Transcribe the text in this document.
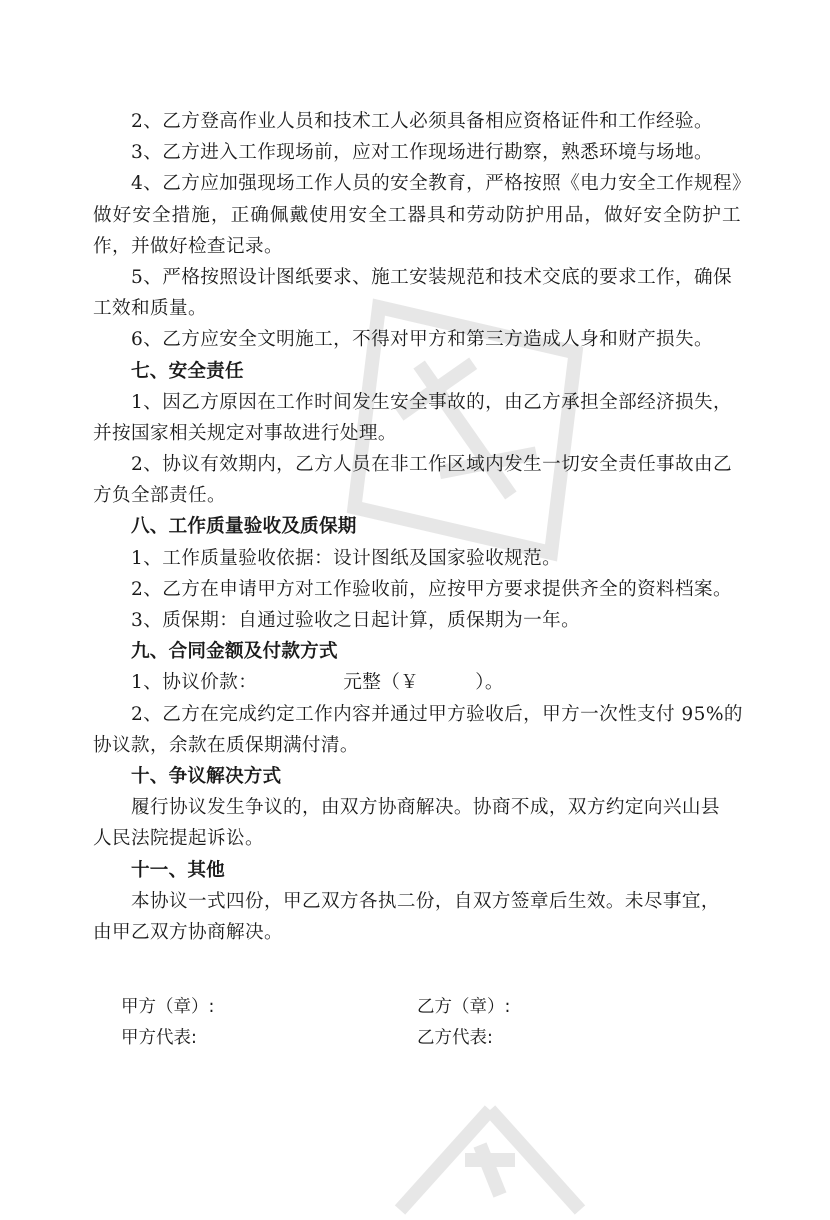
2、乙方登高作业人员和技术工人必须具备相应资格证件和工作经验。
3、乙方进入工作现场前，应对工作现场进行勘察，熟悉环境与场地。
4、乙方应加强现场工作人员的安全教育，严格按照《电力安全工作规程》
做好安全措施，正确佩戴使用安全工器具和劳动防护用品，做好安全防护工
作，并做好检查记录。
5、严格按照设计图纸要求、施工安装规范和技术交底的要求工作，确保
工效和质量。
6、乙方应安全文明施工，不得对甲方和第三方造成人身和财产损失。
七、安全责任
1、因乙方原因在工作时间发生安全事故的，由乙方承担全部经济损失，
并按国家相关规定对事故进行处理。
2、协议有效期内，乙方人员在非工作区域内发生一切安全责任事故由乙
方负全部责任。
八、工作质量验收及质保期
1、工作质量验收依据：设计图纸及国家验收规范。
2、乙方在申请甲方对工作验收前，应按甲方要求提供齐全的资料档案。
3、质保期：自通过验收之日起计算，质保期为一年。
九、合同金额及付款方式
1、协议价款：	元整（￥	）。
2、乙方在完成约定工作内容并通过甲方验收后，甲方一次性支付 95%的
协议款，余款在质保期满付清。
十、争议解决方式
履行协议发生争议的，由双方协商解决。协商不成，双方约定向兴山县
人民法院提起诉讼。
十一、其他
本协议一式四份，甲乙双方各执二份，自双方签章后生效。未尽事宜，
由甲乙双方协商解决。
甲方（章）:	乙方（章）:
甲方代表:	乙方代表:
